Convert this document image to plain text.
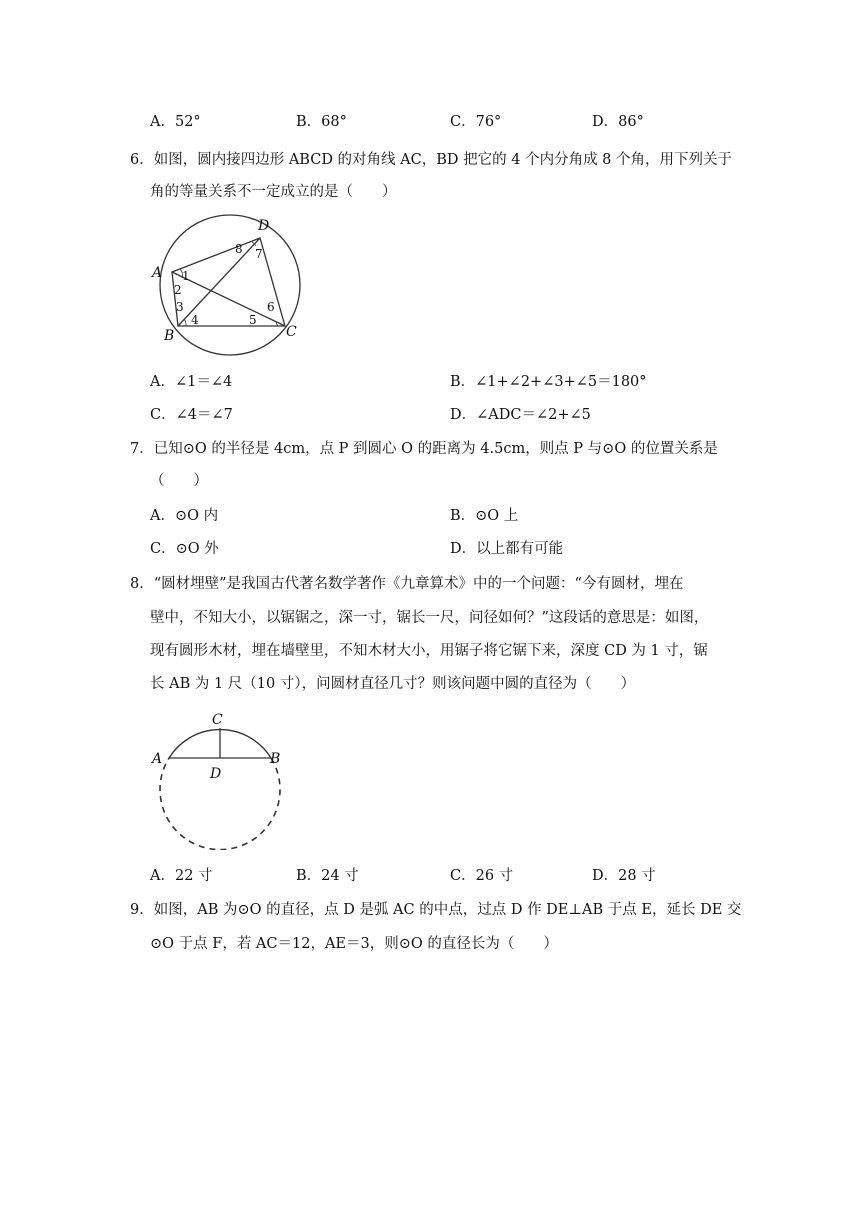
A．52°	B．68°	C．76°	D．86°
6．如图，圆内接四边形 ABCD 的对角线 AC，BD 把它的 4 个内分角成 8 个角，用下列关于
角的等量关系不一定成立的是（　　）
D
A
B	C
1
2
3
4	5
6
7
8
A．∠1＝∠4	B．∠1+∠2+∠3+∠5＝180°
C．∠4＝∠7	D．∠ADC＝∠2+∠5
7．已知⊙O 的半径是 4cm，点 P 到圆心 O 的距离为 4.5cm，则点 P 与⊙O 的位置关系是
（　　）
A．⊙O 内	B．⊙O 上
C．⊙O 外	D．以上都有可能
8．“圆材埋壁”是我国古代著名数学著作《九章算术》中的一个问题：“今有圆材，埋在
壁中，不知大小，以锯锯之，深一寸，锯长一尺，问径如何？”这段话的意思是：如图，
现有圆形木材，埋在墙壁里，不知木材大小，用锯子将它锯下来，深度 CD 为 1 寸，锯
长 AB 为 1 尺（10 寸），问圆材直径几寸？则该问题中圆的直径为（　　）
C
A	B
D
A．22 寸	B．24 寸	C．26 寸	D．28 寸
9．如图，AB 为⊙O 的直径，点 D 是弧 AC 的中点，过点 D 作 DE⊥AB 于点 E，延长 DE 交
⊙O 于点 F，若 AC＝12，AE＝3，则⊙O 的直径长为（　　）
